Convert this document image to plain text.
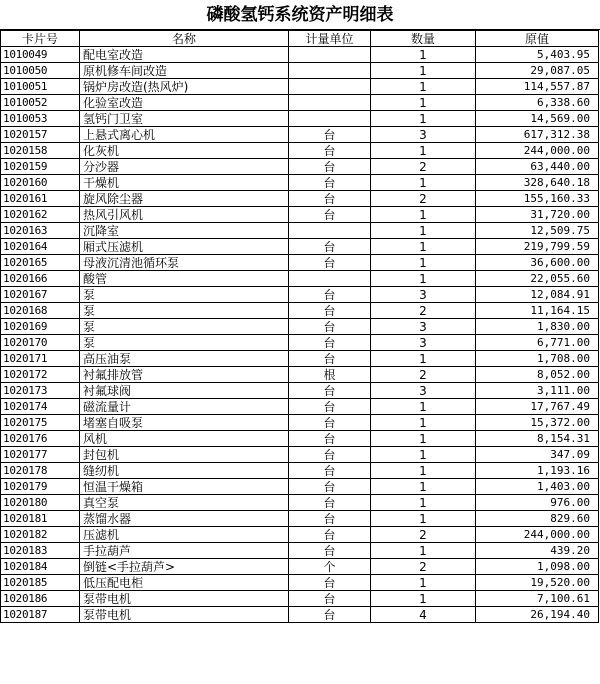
磷酸氢钙系统资产明细表
卡片号	名称	计量单位	数量	原值
1010049	配电室改造		1	5,403.95
1010050	原机修车间改造		1	29,087.05
1010051	锅炉房改造(热风炉)		1	114,557.87
1010052	化验室改造		1	6,338.60
1010053	氢钙门卫室		1	14,569.00
1020157	上悬式离心机	台	3	617,312.38
1020158	化灰机	台	1	244,000.00
1020159	分沙器	台	2	63,440.00
1020160	干燥机	台	1	328,640.18
1020161	旋风除尘器	台	2	155,160.33
1020162	热风引风机	台	1	31,720.00
1020163	沉降室		1	12,509.75
1020164	厢式压滤机	台	1	219,799.59
1020165	母液沉清池循环泵	台	1	36,600.00
1020166	酸管		1	22,055.60
1020167	泵	台	3	12,084.91
1020168	泵	台	2	11,164.15
1020169	泵	台	3	1,830.00
1020170	泵	台	3	6,771.00
1020171	高压油泵	台	1	1,708.00
1020172	衬氟排放管	根	2	8,052.00
1020173	衬氟球阀	台	3	3,111.00
1020174	磁流量计	台	1	17,767.49
1020175	堵塞自吸泵	台	1	15,372.00
1020176	风机	台	1	8,154.31
1020177	封包机	台	1	347.09
1020178	缝纫机	台	1	1,193.16
1020179	恒温干燥箱	台	1	1,403.00
1020180	真空泵	台	1	976.00
1020181	蒸馏水器	台	1	829.60
1020182	压滤机	台	2	244,000.00
1020183	手拉葫芦	台	1	439.20
1020184	倒链<手拉葫芦>	个	2	1,098.00
1020185	低压配电柜	台	1	19,520.00
1020186	泵带电机	台	1	7,100.61
1020187	泵带电机	台	4	26,194.40
